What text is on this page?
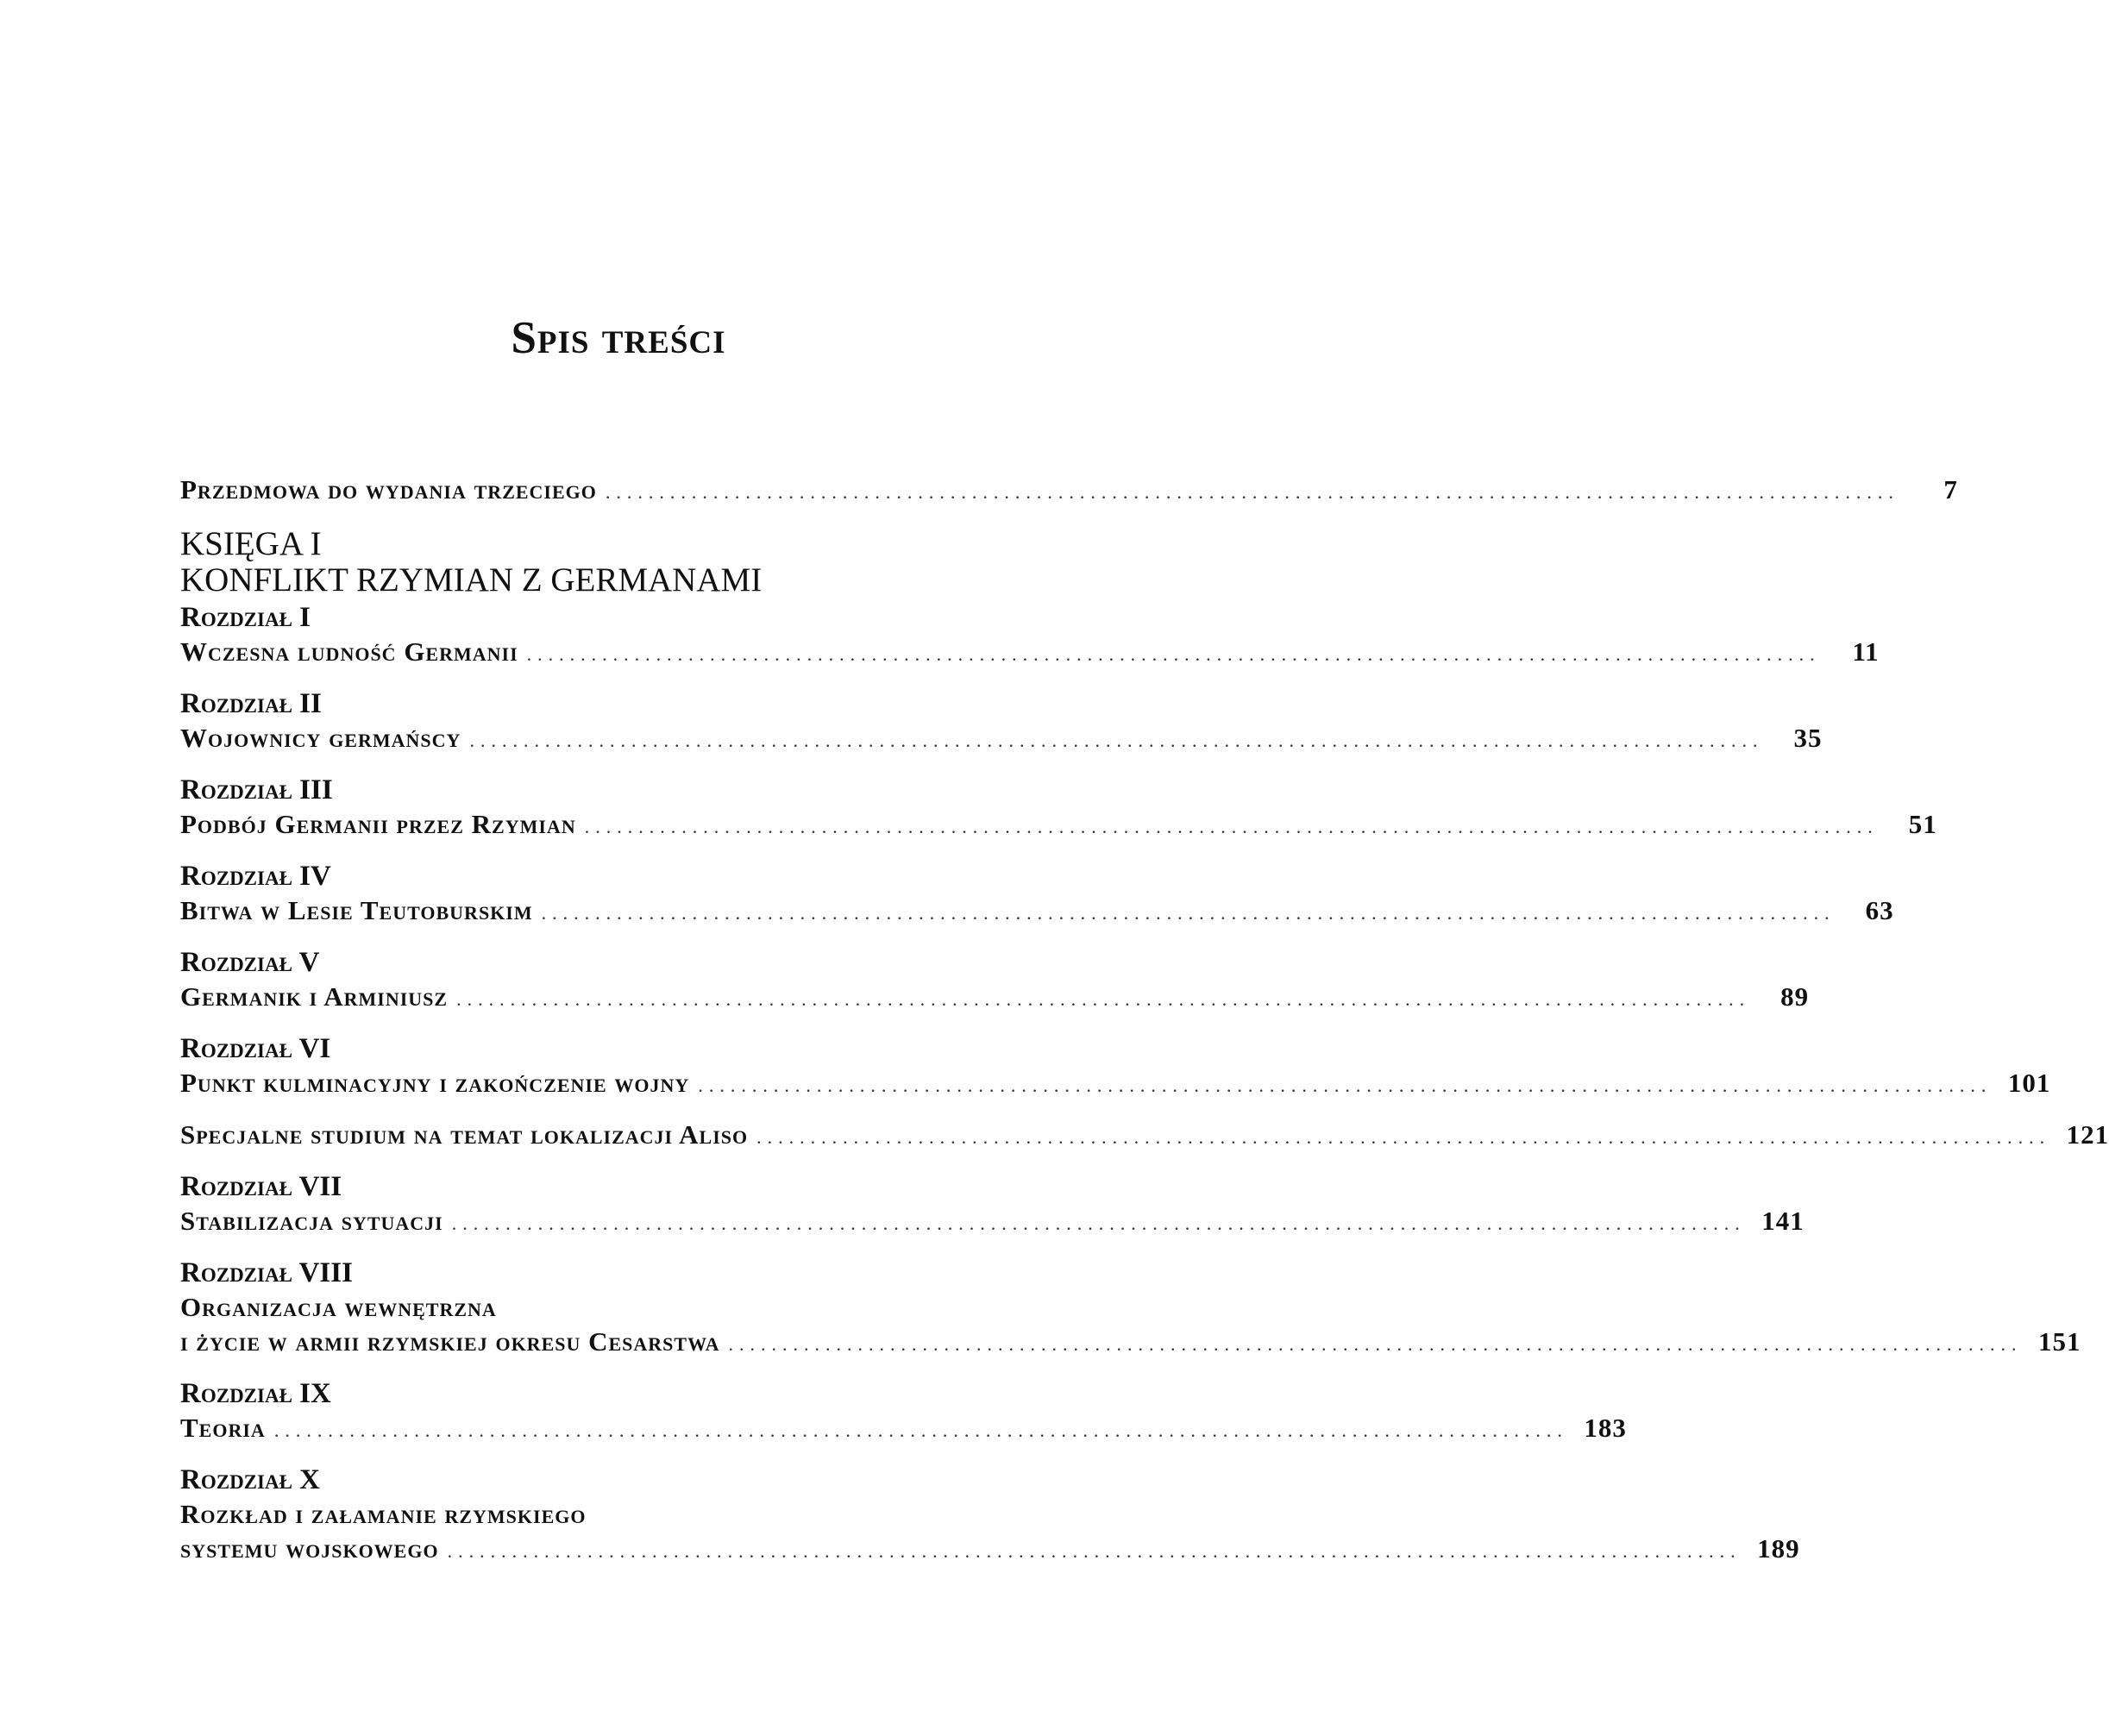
Spis treści
Przedmowa do wydania trzeciego ........................................................................................................................	7
KSIĘGA I
KONFLIKT RZYMIAN Z GERMANAMI
Rozdział I
Wczesna ludność Germanii ........................................................................................................................	11
Rozdział II
Wojownicy germańscy ........................................................................................................................	35
Rozdział III
Podbój Germanii przez Rzymian ........................................................................................................................	51
Rozdział IV
Bitwa w Lesie Teutoburskim ........................................................................................................................	63
Rozdział V
Germanik i Arminiusz ........................................................................................................................	89
Rozdział VI
Punkt kulminacyjny i zakończenie wojny ........................................................................................................................ 101
Specjalne studium na temat lokalizacji Aliso ........................................................................................................................ 121
Rozdział VII
Stabilizacja sytuacji ........................................................................................................................ 141
Rozdział VIII
Organizacja wewnętrzna
i życie w armii rzymskiej okresu Cesarstwa ........................................................................................................................ 151
Rozdział IX
Teoria ........................................................................................................................ 183
Rozdział X
Rozkład i załamanie rzymskiego
systemu wojskowego ........................................................................................................................ 189
